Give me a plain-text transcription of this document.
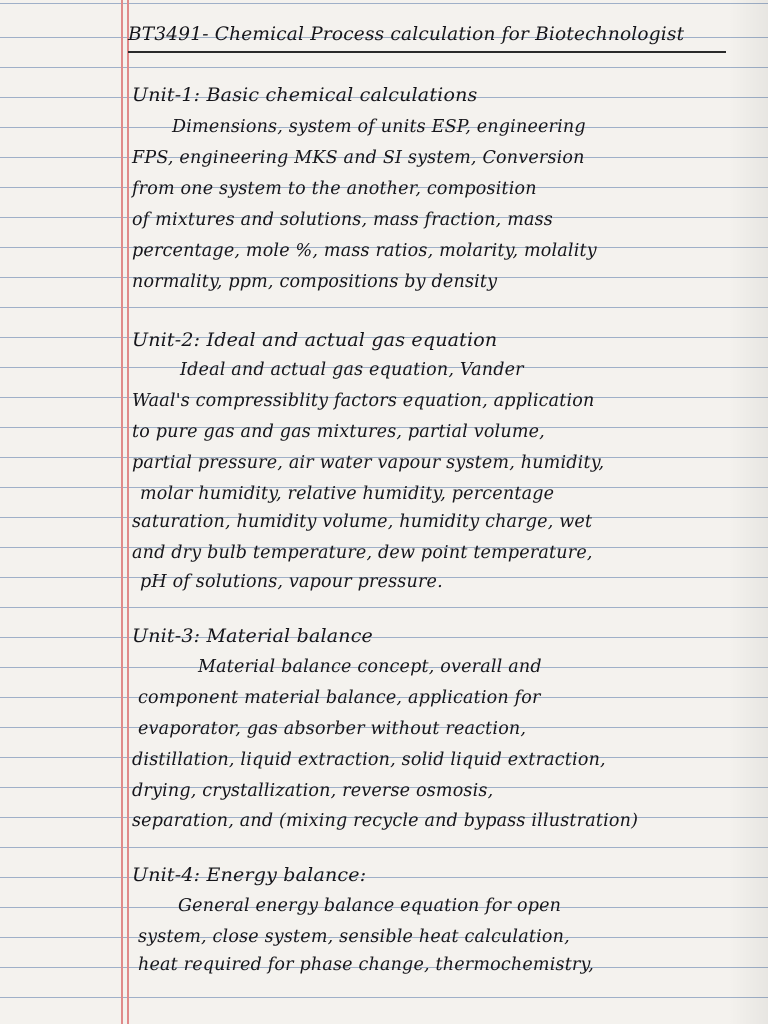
BT3491- Chemical Process calculation for Biotechnologist
Unit-1: Basic chemical calculations
Dimensions, system of units ESP, engineering
FPS, engineering MKS and SI system, Conversion
from one system to the another, composition
of mixtures and solutions, mass fraction, mass
percentage, mole %, mass ratios, molarity, molality
normality, ppm, compositions by density
Unit-2: Ideal and actual gas equation
Ideal and actual gas equation, Vander
Waal's compressiblity factors equation, application
to pure gas and gas mixtures, partial volume,
partial pressure, air water vapour system, humidity,
molar humidity, relative humidity, percentage
saturation, humidity volume, humidity charge, wet
and dry bulb temperature, dew point temperature,
pH of solutions, vapour pressure.
Unit-3: Material balance
Material balance concept, overall and
component material balance, application for
evaporator, gas absorber without reaction,
distillation, liquid extraction, solid liquid extraction,
drying, crystallization, reverse osmosis,
separation, and (mixing recycle and bypass illustration)
Unit-4: Energy balance:
General energy balance equation for open
system, close system, sensible heat calculation,
heat required for phase change, thermochemistry,
